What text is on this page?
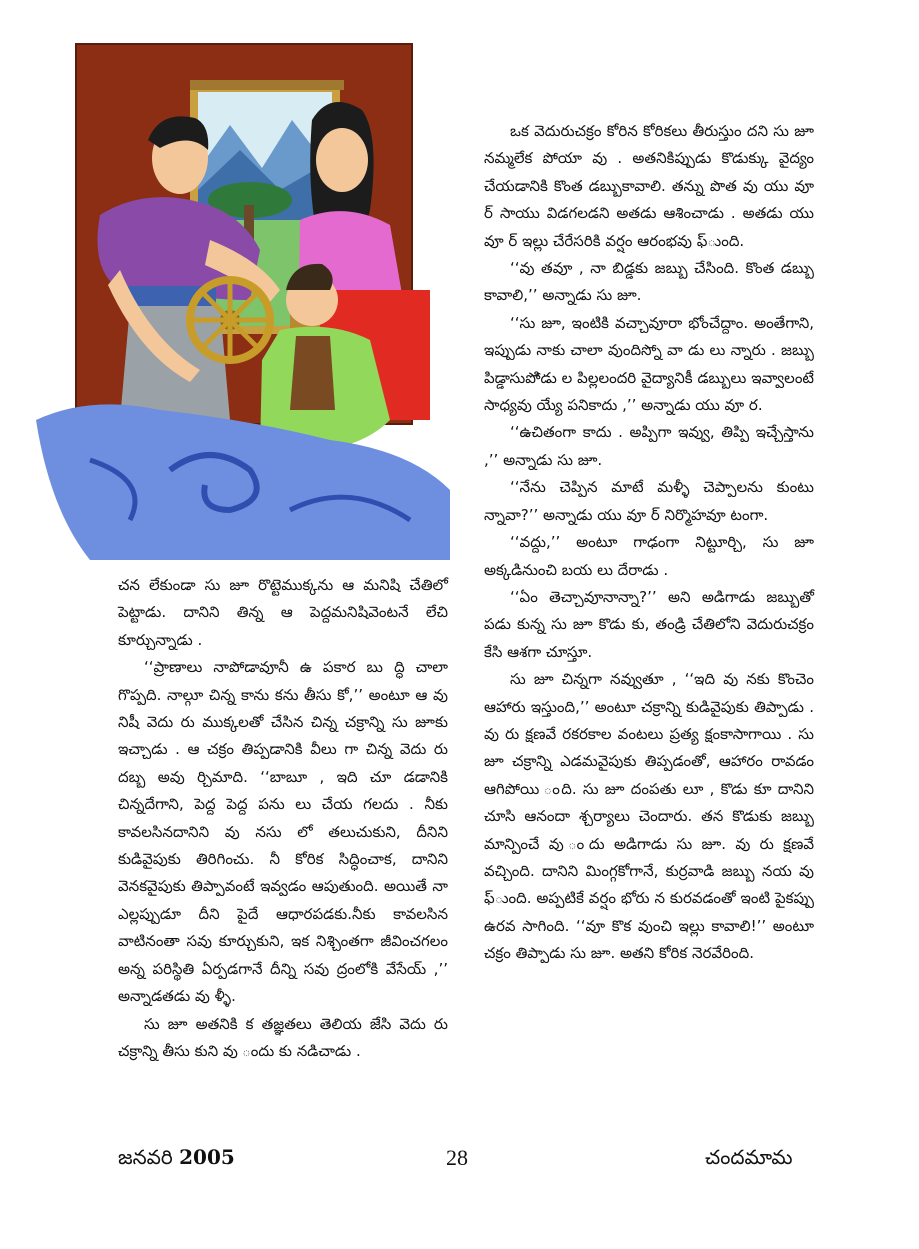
ఒక వెదురుచక్రం కోరిన కోరికలు తీరుస్తుం దని సు జూ నమ్మలేక పోయా వు . అతనికిప్పుడు కొడుక్కు వైద్యం చేయడానికి కొంత డబ్బుకావాలి. తన్ను పొత వు యు వూ ర్ సాయు విడగలడని అతడు ఆశించాడు . అతడు యు వూ ర్ ఇల్లు చేరేసరికి వర్షం ఆరంభవు ఫ్ుంది.

‘‘వు తవూ , నా బిడ్డకు జబ్బు చేసింది. కొంత డబ్బు కావాలి,’’ అన్నాడు సు జూ.

‘‘సు జూ, ఇంటికి వచ్చావూరా భోంచేద్దాం. అంతేగాని, ఇప్పుడు నాకు చాలా వుందిస్నో వా డు లు న్నారు . జబ్బు పిడ్డాసుపోిడు ల పిల్లలందరి వైద్యానికీ డబ్బులు ఇవ్వాలంటే సాధ్యవు య్యే పనికాదు ,’’ అన్నాడు యు వూ ర.

‘‘ఉచితంగా కాదు . అప్పిగా ఇవ్వు, తిప్పి ఇచ్చేస్తాను ,’’ అన్నాడు సు జూ.

‘‘నేను చెప్పిన మాటే మళ్ళీ చెప్పాలను కుంటు న్నావా?’’ అన్నాడు యు వూ ర్ నిర్మొహవూ టంగా.

‘‘వద్దు,’’ అంటూ గాఢంగా నిట్టూర్చి, సు జూ అక్కడినుంచి బయ లు దేరాడు .

‘‘ఏం తెచ్చావూనాన్నా?’’ అని అడిగాడు జబ్బుతో పడు కున్న సు జూ కొడు కు, తండ్రి చేతిలోని వెదురుచక్రం కేసి ఆశగా చూస్తూ.

సు జూ చిన్నగా నవ్వుతూ , ‘‘ఇది వు నకు కొంచెం ఆహారు ఇస్తుంది,’’ అంటూ చక్రాన్ని కుడివైపుకు తిప్పాడు . వు రు క్షణవే రకరకాల వంటలు ప్రత్య క్షంకాసాగాయి . సు జూ చక్రాన్ని ఎడమవైపుకు తిప్పడంతో, ఆహారం రావడం ఆగిపోయి ంది. సు జూ దంపతు లూ , కొడు కూ దానిని చూసి ఆనందా శ్చర్యాలు చెందారు. తన కొడుకు జబ్బు మాన్పించే వు ందు అడిగాడు సు జూ. వు రు క్షణవే వచ్చింది. దానిని మింగ్గకోగానే, కుర్రవాడి జబ్బు నయ వు ఫ్ుంది. అప్పటికే వర్షం భోరు న కురవడంతో ఇంటి పైకప్పు ఉరవ సాగింది. ‘‘వూ కొక వుంచి ఇల్లు కావాలి!’’ అంటూ చక్రం తిప్పాడు సు జూ. అతని కోరిక నెరవేరింది.

చన లేకుండా సు జూ రొట్టెముక్కను ఆ మనిషి చేతిలో పెట్టాడు. దానిని తిన్న ఆ పెద్దమనిషివెంటనే లేచి కూర్చున్నాడు .

‘‘ప్రాణాలు నాపోడావూనీ ఉ పకార బు ద్ధి చాలా గొప్పది. నాల్గూ చిన్న కాను కను తీసు కో,’’ అంటూ ఆ వు నిషీ వెదు రు ముక్కలతో చేసిన చిన్న చక్రాన్ని సు జూకు ఇచ్చాడు . ఆ చక్రం తిప్పడానికి వీలు గా చిన్న వెదు రు దబ్బ అవు ర్చిమాది. ‘‘బాబూ , ఇది చూ డడానికి చిన్నదేగాని, పెద్ద పెద్ద పను లు చేయ గలదు . నీకు కావలసినదానిని వు నసు లో తలుచుకుని, దీనిని కుడివైపుకు తిరిగించు. నీ కోరిక సిద్ధించాక, దానిని వెనకవైపుకు తిప్పావంటే ఇవ్వడం ఆపుతుంది. అయితే నా ఎల్లప్పుడూ దీని పైదే ఆధారపడకు.నీకు కావలసిన వాటినంతా సవు కూర్చుకుని, ఇక నిశ్చింతగా జీవించగలం అన్న పరిస్థితి ఏర్పడగానే దీన్ని సవు ద్రంలోకి వేసేయ్ ,’’ అన్నాడతడు వు ళ్ళీ.

సు జూ అతనికి క తజ్ఞతలు తెలియ జేసి వెదు రు చక్రాన్ని తీసు కుని వు ందు కు నడిచాడు .

జనవరి 2005	28	చందమామ
